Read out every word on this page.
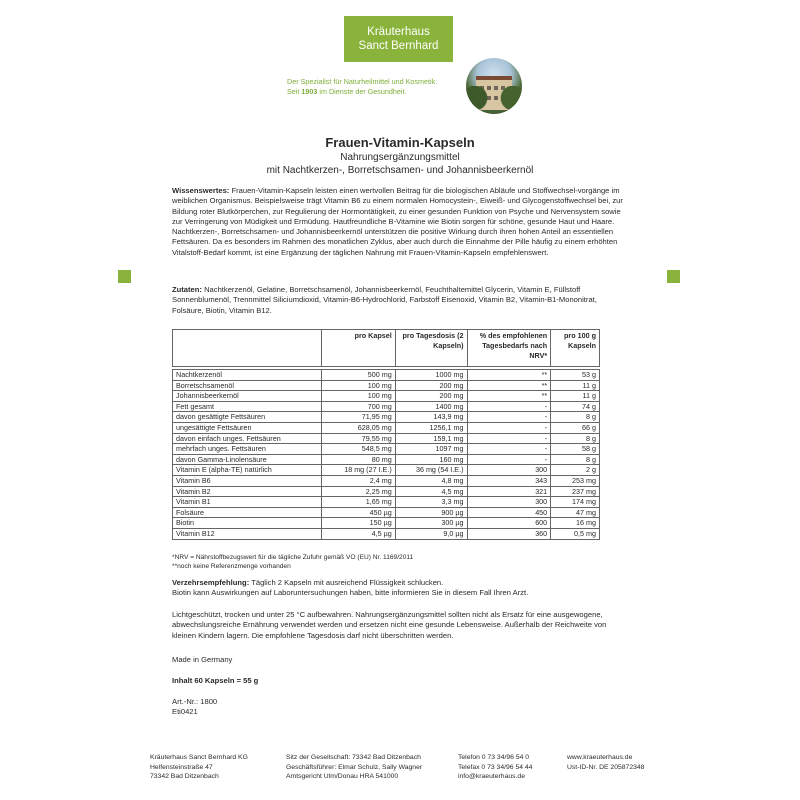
Kräuterhaus
Sanct Bernhard
Der Spezialist für Naturheilmittel und Kosmetik.
Seit 1903 im Dienste der Gesundheit.
Frauen-Vitamin-Kapseln
Nahrungsergänzungsmittel
mit Nachtkerzen-, Borretschsamen- und Johannisbeerkernöl
Wissenswertes: Frauen-Vitamin-Kapseln leisten einen wertvollen Beitrag für die biologischen Abläufe und Stoffwechsel-vorgänge im weiblichen Organismus. Beispielsweise trägt Vitamin B6 zu einem normalen Homocystein-, Eiweiß- und Glycogenstoffwechsel bei, zur Bildung roter Blutkörperchen, zur Regulierung der Hormontätigkeit, zu einer gesunden Funktion von Psyche und Nervensystem sowie zur Verringerung von Müdigkeit und Ermüdung. Hautfreundliche B-Vitamine wie Biotin sorgen für schöne, gesunde Haut und Haare. Nachtkerzen-, Borretschsamen- und Johannisbeerkernöl unterstützen die positive Wirkung durch ihren hohen Anteil an essentiellen Fettsäuren. Da es besonders im Rahmen des monatlichen Zyklus, aber auch durch die Einnahme der Pille häufig zu einem erhöhten Vitalstoff-Bedarf kommt, ist eine Ergänzung der täglichen Nahrung mit Frauen-Vitamin-Kapseln empfehlenswert.
Zutaten: Nachtkerzenöl, Gelatine, Borretschsamenöl, Johannisbeerkernöl, Feuchthaltemittel Glycerin, Vitamin E, Füllstoff Sonnenblumenöl, Trennmittel Siliciumdioxid, Vitamin-B6-Hydrochlorid, Farbstoff Eisenoxid, Vitamin B2, Vitamin-B1-Mononitrat, Folsäure, Biotin, Vitamin B12.
	pro Kapsel	pro Tagesdosis (2 Kapseln)	% des empfohlenen Tagesbedarfs nach NRV*	pro 100 g Kapseln

Nachtkerzenöl	500 mg	1000 mg	**	53 g
Borretschsamenöl	100 mg	200 mg	**	11 g
Johannisbeerkernöl	100 mg	200 mg	**	11 g
Fett gesamt	700 mg	1400 mg	-	74 g
davon gesättigte Fettsäuren	71,95 mg	143,9 mg	-	8 g
ungesättigte Fettsäuren	628,05 mg	1256,1 mg	-	66 g
davon einfach unges. Fettsäuren	79,55 mg	159,1 mg	-	8 g
mehrfach unges. Fettsäuren	548,5 mg	1097 mg	-	58 g
davon Gamma-Linolensäure	80 mg	160 mg	-	8 g
Vitamin E (alpha-TE) natürlich	18 mg (27 I.E.)	36 mg (54 I.E.)	300	2 g
Vitamin B6	2,4 mg	4,8 mg	343	253 mg
Vitamin B2	2,25 mg	4,5 mg	321	237 mg
Vitamin B1	1,65 mg	3,3 mg	300	174 mg
Folsäure	450 µg	900 µg	450	47 mg
Biotin	150 µg	300 µg	600	16 mg
Vitamin B12	4,5 µg	9,0 µg	360	0,5 mg
*NRV = Nährstoffbezugswert für die tägliche Zufuhr gemäß VO (EU) Nr. 1169/2011
**noch keine Referenzmenge vorhanden
Verzehrsempfehlung: Täglich 2 Kapseln mit ausreichend Flüssigkeit schlucken.
Biotin kann Auswirkungen auf Laboruntersuchungen haben, bitte informieren Sie in diesem Fall Ihren Arzt.
Lichtgeschützt, trocken und unter 25 °C aufbewahren. Nahrungsergänzungsmittel sollten nicht als Ersatz für eine ausgewogene, abwechslungsreiche Ernährung verwendet werden und ersetzen nicht eine gesunde Lebensweise. Außerhalb der Reichweite von kleinen Kindern lagern. Die empfohlene Tagesdosis darf nicht überschritten werden.
Made in Germany
Inhalt 60 Kapseln = 55 g
Art.-Nr.: 1800
Eti0421
Kräuterhaus Sanct Bernhard KG
Helfensteinstraße 47
73342 Bad Ditzenbach
Sitz der Gesellschaft: 73342 Bad Ditzenbach
Geschäftsführer: Elmar Schulz, Sally Wagner
Amtsgericht Ulm/Donau HRA 541000
Telefon 0 73 34/96 54 0
Telefax 0 73 34/96 54 44
info@kraeuterhaus.de
www.kraeuterhaus.de
Ust-ID-Nr. DE 205872348
